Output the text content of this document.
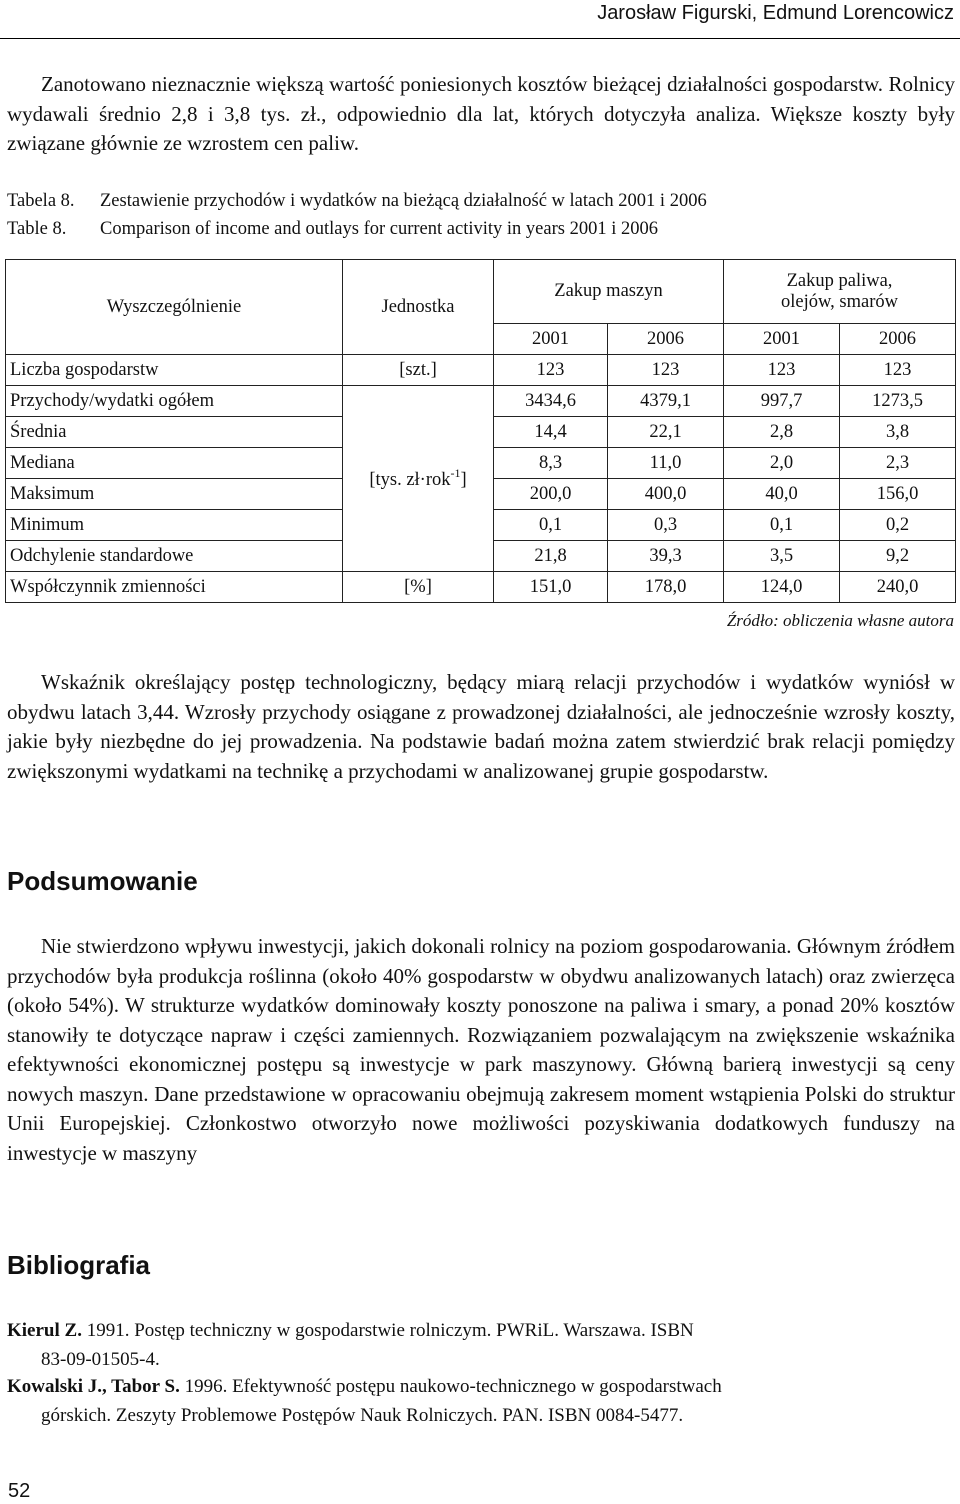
Jarosław Figurski, Edmund Lorencowicz

Zanotowano nieznacznie większą wartość poniesionych kosztów bieżącej działalności gospodarstw. Rolnicy wydawali średnio 2,8 i 3,8 tys. zł., odpowiednio dla lat, których dotyczyła analiza. Większe koszty były związane głównie ze wzrostem cen paliw.

Tabela 8. Zestawienie przychodów i wydatków na bieżącą działalność w latach 2001 i 2006
Table 8. Comparison of income and outlays for current activity in years 2001 i 2006
Wyszczególnienie	Jednostka	Zakup maszyn		Zakup paliwa,
olejów, smarów	
		2001	2006	2001	2006
Liczba gospodarstw	[szt.]	123	123	123	123
Przychody/wydatki ogółem	[tys. zł·rok$^{-1}$]	3434,6	4379,1	997,7	1273,5
Średnia		14,4	22,1	2,8	3,8
Mediana		8,3	11,0	2,0	2,3
Maksimum		200,0	400,0	40,0	156,0
Minimum		0,1	0,3	0,1	0,2
Odchylenie standardowe		21,8	39,3	3,5	9,2
Współczynnik zmienności	[%]	151,0	178,0	124,0	240,0
Źródło: obliczenia własne autora

Wskaźnik określający postęp technologiczny, będący miarą relacji przychodów i wydatków wyniósł w obydwu latach 3,44. Wzrosły przychody osiągane z prowadzonej działalności, ale jednocześnie wzrosły koszty, jakie były niezbędne do jej prowadzenia. Na podstawie badań można zatem stwierdzić brak relacji pomiędzy zwiększonymi wydatkami na technikę a przychodami w analizowanej grupie gospodarstw.

Podsumowanie

Nie stwierdzono wpływu inwestycji, jakich dokonali rolnicy na poziom gospodarowania. Głównym źródłem przychodów była produkcja roślinna (około 40% gospodarstw w obydwu analizowanych latach) oraz zwierzęca (około 54%). W strukturze wydatków dominowały koszty ponoszone na paliwa i smary, a ponad 20% kosztów stanowiły te dotyczące napraw i części zamiennych. Rozwiązaniem pozwalającym na zwiększenie wskaźnika efektywności ekonomicznej postępu są inwestycje w park maszynowy. Główną barierą inwestycji są ceny nowych maszyn. Dane przedstawione w opracowaniu obejmują zakresem moment wstąpienia Polski do struktur Unii Europejskiej. Członkostwo otworzyło nowe możliwości pozyskiwania dodatkowych funduszy na inwestycje w maszyny

Bibliografia
Kierul Z. 1991. Postęp techniczny w gospodarstwie rolniczym. PWRiL. Warszawa. ISBN
83-09-01505-4.
Kowalski J., Tabor S. 1996. Efektywność postępu naukowo-technicznego w gospodarstwach
górskich. Zeszyty Problemowe Postępów Nauk Rolniczych. PAN. ISBN 0084-5477.
52
